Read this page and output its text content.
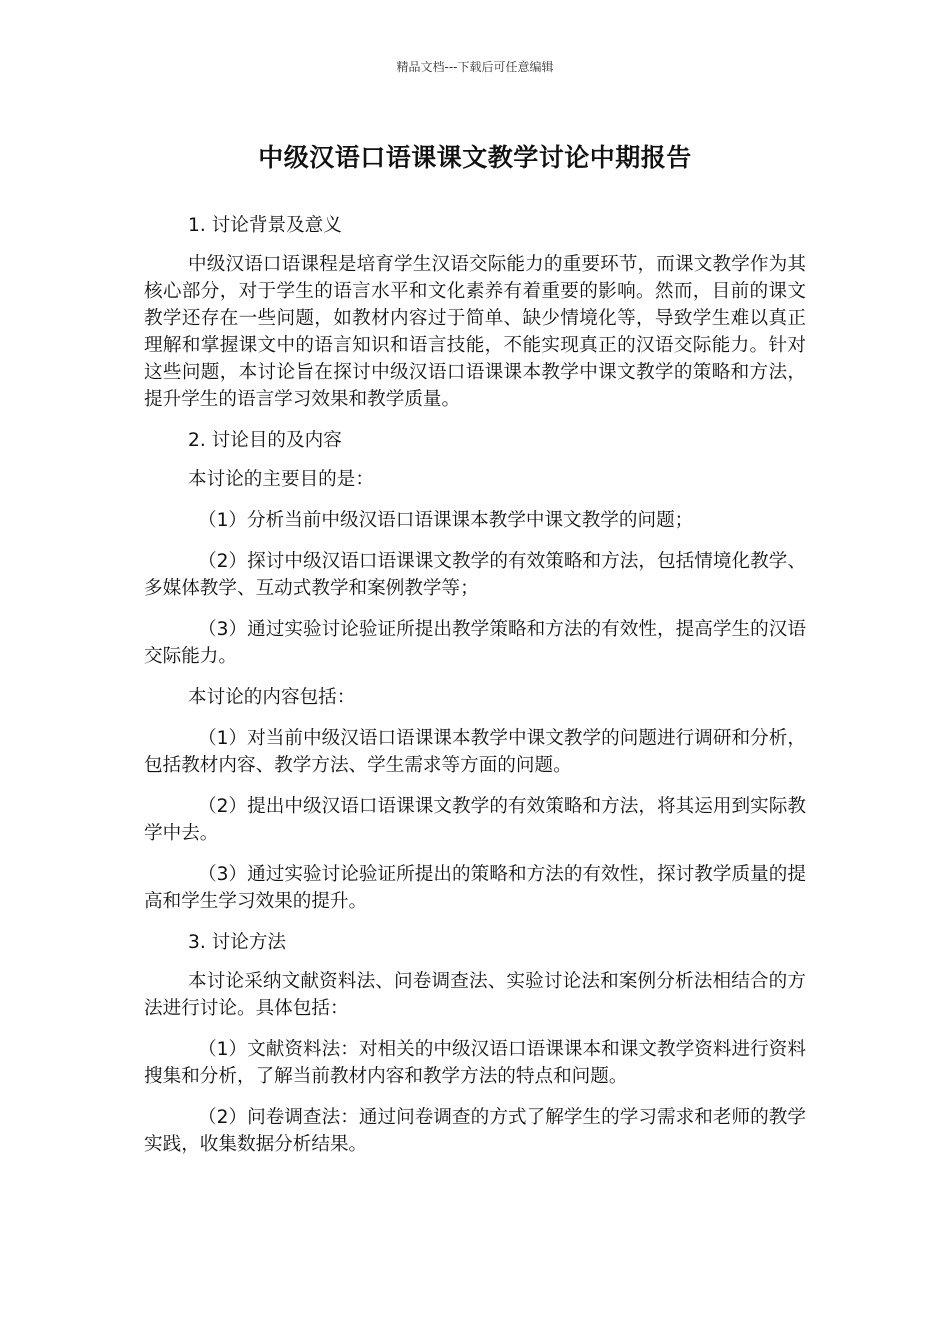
精品文档---下载后可任意编辑
中级汉语口语课课文教学讨论中期报告

1. 讨论背景及意义

中级汉语口语课程是培育学生汉语交际能力的重要环节，而课文教学作为其核心部分，对于学生的语言水平和文化素养有着重要的影响。然而，目前的课文教学还存在一些问题，如教材内容过于简单、缺少情境化等，导致学生难以真正理解和掌握课文中的语言知识和语言技能，不能实现真正的汉语交际能力。针对这些问题，本讨论旨在探讨中级汉语口语课课本教学中课文教学的策略和方法，提升学生的语言学习效果和教学质量。

2. 讨论目的及内容

本讨论的主要目的是：

（1）分析当前中级汉语口语课课本教学中课文教学的问题；

（2）探讨中级汉语口语课课文教学的有效策略和方法，包括情境化教学、多媒体教学、互动式教学和案例教学等；

（3）通过实验讨论验证所提出教学策略和方法的有效性，提高学生的汉语交际能力。

本讨论的内容包括：

（1）对当前中级汉语口语课课本教学中课文教学的问题进行调研和分析，包括教材内容、教学方法、学生需求等方面的问题。

（2）提出中级汉语口语课课文教学的有效策略和方法，将其运用到实际教学中去。

（3）通过实验讨论验证所提出的策略和方法的有效性，探讨教学质量的提高和学生学习效果的提升。

3. 讨论方法

本讨论采纳文献资料法、问卷调查法、实验讨论法和案例分析法相结合的方法进行讨论。具体包括：

（1）文献资料法：对相关的中级汉语口语课课本和课文教学资料进行资料搜集和分析，了解当前教材内容和教学方法的特点和问题。

（2）问卷调查法：通过问卷调查的方式了解学生的学习需求和老师的教学实践，收集数据分析结果。
